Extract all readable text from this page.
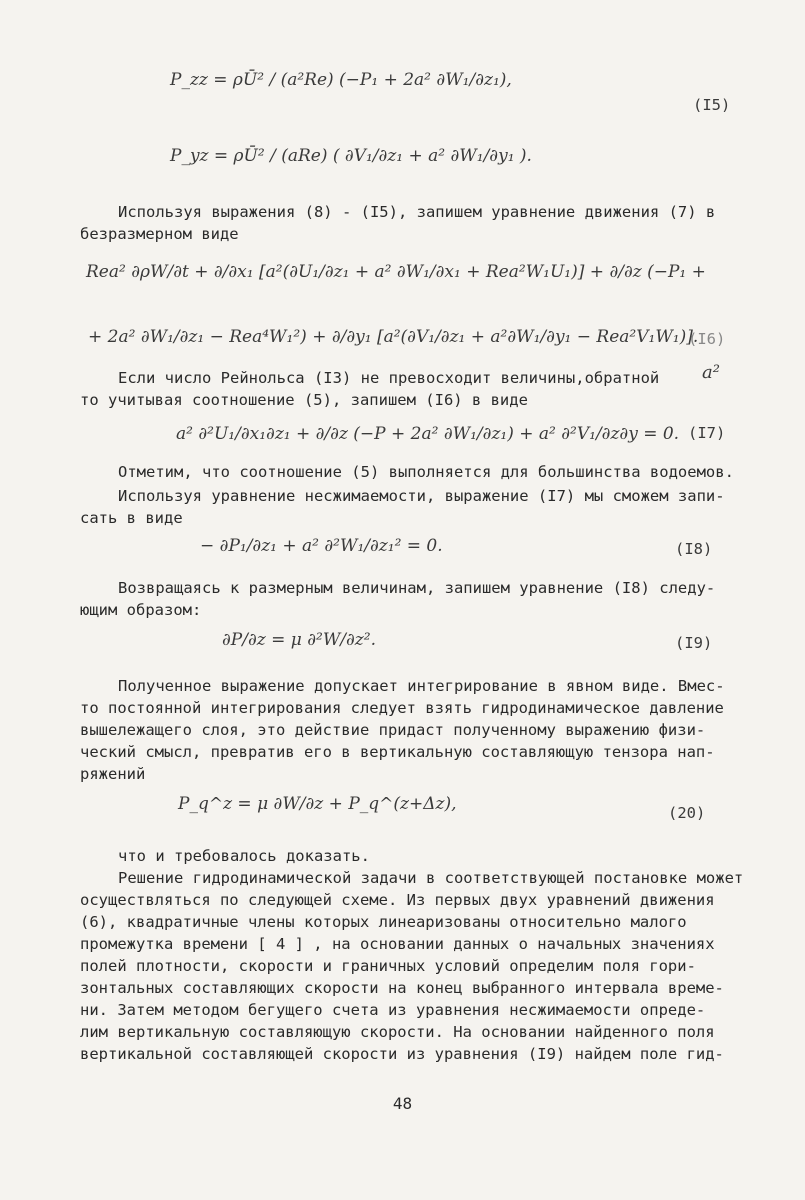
P_zz = ρŪ² / (a²Re) (−P₁ + 2a² ∂W₁/∂z₁),
(I5)
P_yz = ρŪ² / (aRe) ( ∂V₁/∂z₁ + a² ∂W₁/∂y₁ ).
Используя выражения (8) - (I5), запишем уравнение движения (7) в
безразмерном виде
Rea² ∂ρW/∂t + ∂/∂x₁ [a²(∂U₁/∂z₁ + a² ∂W₁/∂x₁ + Rea²W₁U₁)] + ∂/∂z (−P₁ +
+ 2a² ∂W₁/∂z₁ − Rea⁴W₁²) + ∂/∂y₁ [a²(∂V₁/∂z₁ + a²∂W₁/∂y₁ − Rea²V₁W₁)].
(I6)
Если число Рейнольса (I3) не превосходит величины,обратной a²
то учитывая соотношение (5), запишем (I6) в виде
a² ∂²U₁/∂x₁∂z₁ + ∂/∂z (−P + 2a² ∂W₁/∂z₁) + a² ∂²V₁/∂z∂y = 0. (I7)
Отметим, что соотношение (5) выполняется для большинства водоемов.
Используя уравнение несжимаемости, выражение (I7) мы сможем запи-
сать в виде
− ∂P₁/∂z₁ + a² ∂²W₁/∂z₁² = 0.	(I8)
Возвращаясь к размерным величинам, запишем уравнение (I8) следу-
ющим образом:
∂P/∂z = μ ∂²W/∂z².	(I9)
Полученное выражение допускает интегрирование в явном виде. Вмес-
то постоянной интегрирования следует взять гидродинамическое давление
вышележащего слоя, это действие придаст полученному выражению физи-
ческий смысл, превратив его в вертикальную составляющую тензора нап-
ряжений
P_q^z = μ ∂W/∂z + P_q^(z+Δz),	(20)
что и требовалось доказать.
Решение гидродинамической задачи в соответствующей постановке может
осуществляться по следующей схеме. Из первых двух уравнений движения
(6), квадратичные члены которых линеаризованы относительно малого
промежутка времени [ 4 ] , на основании данных о начальных значениях
полей плотности, скорости и граничных условий определим поля гори-
зонтальных составляющих скорости на конец выбранного интервала време-
ни. Затем методом бегущего счета из уравнения несжимаемости опреде-
лим вертикальную составляющую скорости. На основании найденного поля
вертикальной составляющей скорости из уравнения (I9) найдем поле гид-
48
